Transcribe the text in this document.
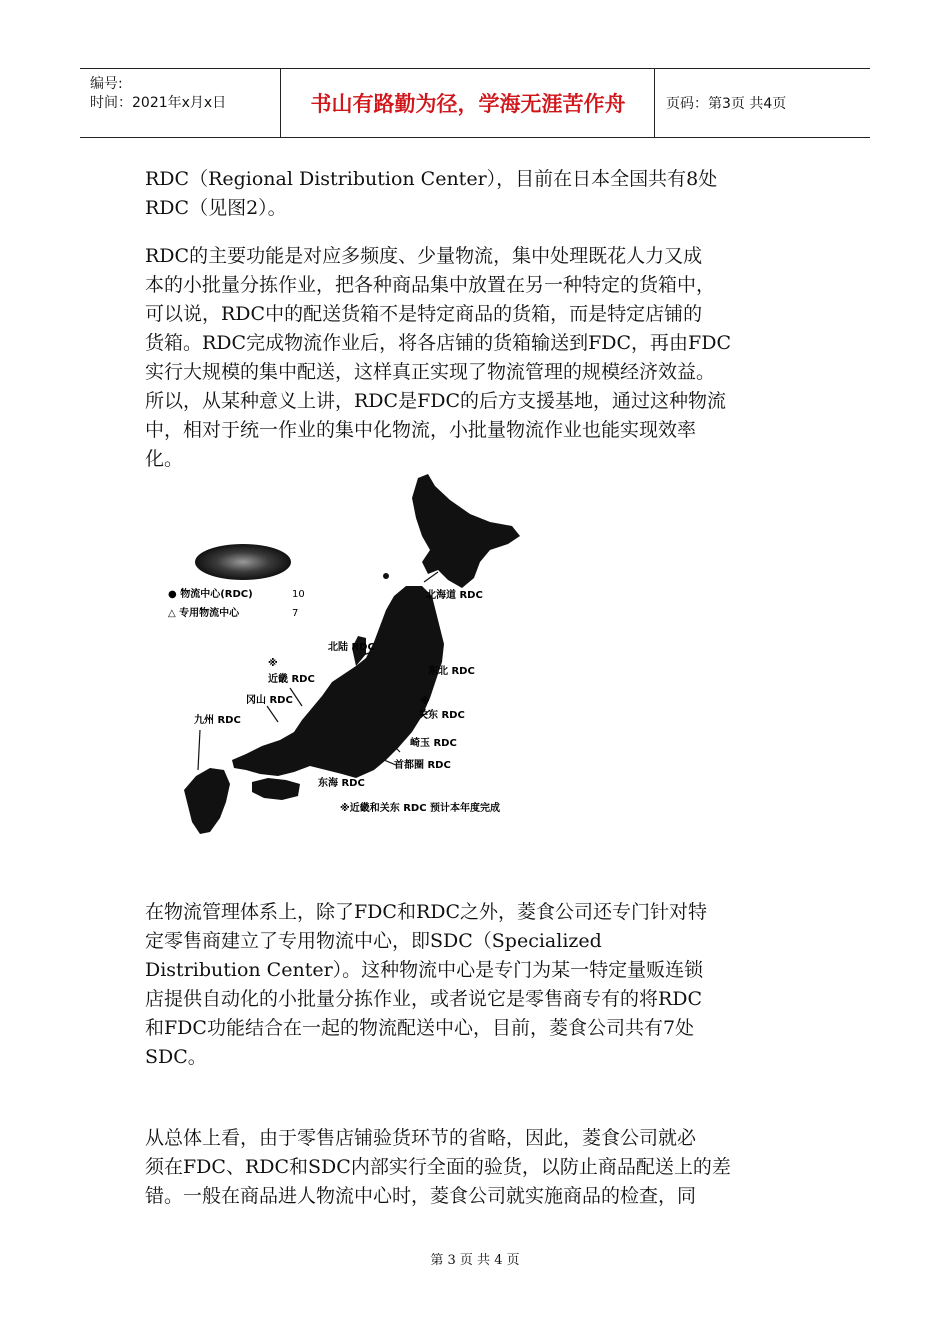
编号:
时间：2021年x月x日	书山有路勤为径，学海无涯苦作舟	页码：第3页 共4页
RDC（Regional Distribution Center），目前在日本全国共有8处
RDC（见图2）。
RDC的主要功能是对应多频度、少量物流，集中处理既花人力又成
本的小批量分拣作业，把各种商品集中放置在另一种特定的货箱中，
可以说，RDC中的配送货箱不是特定商品的货箱，而是特定店铺的
货箱。RDC完成物流作业后，将各店铺的货箱输送到FDC，再由FDC
实行大规模的集中配送，这样真正实现了物流管理的规模经济效益。
所以，从某种意义上讲，RDC是FDC的后方支援基地，通过这种物流
中，相对于统一作业的集中化物流，小批量物流作业也能实现效率
化。
● 物流中心(RDC)	10
△ 专用物流中心	7
北海道 RDC
东北 RDC
北陆 RDC
※
近畿 RDC
冈山 RDC
九州 RDC
※
关东 RDC
崎玉 RDC
首都圈 RDC
东海 RDC
※近畿和关东 RDC 预计本年度完成
在物流管理体系上，除了FDC和RDC之外，菱食公司还专门针对特
定零售商建立了专用物流中心，即SDC（Specialized
Distribution Center）。这种物流中心是专门为某一特定量贩连锁
店提供自动化的小批量分拣作业，或者说它是零售商专有的将RDC
和FDC功能结合在一起的物流配送中心，目前，菱食公司共有7处
SDC。
从总体上看，由于零售店铺验货环节的省略，因此，菱食公司就必
须在FDC、RDC和SDC内部实行全面的验货，以防止商品配送上的差
错。一般在商品进人物流中心时，菱食公司就实施商品的检查，同
第 3 页 共 4 页
